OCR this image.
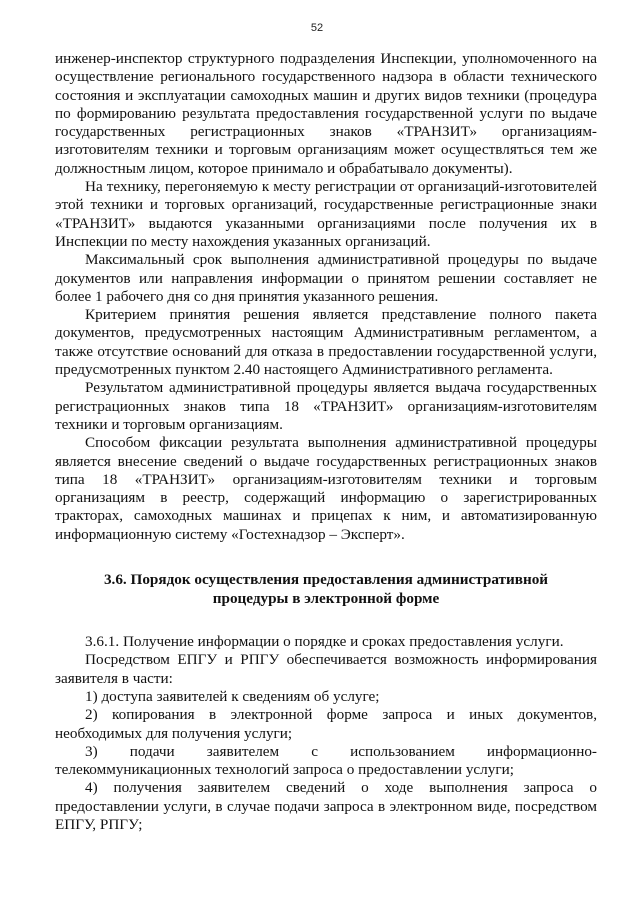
52

инженер-инспектор структурного подразделения Инспекции, уполномоченного на осуществление регионального государственного надзора в области технического состояния и эксплуатации самоходных машин и других видов техники (процедура по формированию результата предоставления государственной услуги по выдаче государственных регистрационных знаков «ТРАНЗИТ» организациям-изготовителям техники и торговым организациям может осуществляться тем же должностным лицом, которое принимало и обрабатывало документы).

На технику, перегоняемую к месту регистрации от организаций-изготовителей этой техники и торговых организаций, государственные регистрационные знаки «ТРАНЗИТ» выдаются указанными организациями после получения их в Инспекции по месту нахождения указанных организаций.

Максимальный срок выполнения административной процедуры по выдаче документов или направления информации о принятом решении составляет не более 1 рабочего дня со дня принятия указанного решения.

Критерием принятия решения является представление полного пакета документов, предусмотренных настоящим Административным регламентом, а также отсутствие оснований для отказа в предоставлении государственной услуги, предусмотренных пунктом 2.40 настоящего Административного регламента.

Результатом административной процедуры является выдача государственных регистрационных знаков типа 18 «ТРАНЗИТ» организациям-изготовителям техники и торговым организациям.

Способом фиксации результата выполнения административной процедуры является внесение сведений о выдаче государственных регистрационных знаков типа 18 «ТРАНЗИТ» организациям-изготовителям техники и торговым организациям в реестр, содержащий информацию о зарегистрированных тракторах, самоходных машинах и прицепах к ним, и автоматизированную информационную систему «Гостехнадзор – Эксперт».

3.6. Порядок осуществления предоставления административной процедуры в электронной форме

3.6.1. Получение информации о порядке и сроках предоставления услуги.

Посредством ЕПГУ и РПГУ обеспечивается возможность информирования заявителя в части:

1) доступа заявителей к сведениям об услуге;

2) копирования в электронной форме запроса и иных документов, необходимых для получения услуги;

3) подачи заявителем с использованием информационно-телекоммуникационных технологий запроса о предоставлении услуги;

4) получения заявителем сведений о ходе выполнения запроса о предоставлении услуги, в случае подачи запроса в электронном виде, посредством ЕПГУ, РПГУ;
